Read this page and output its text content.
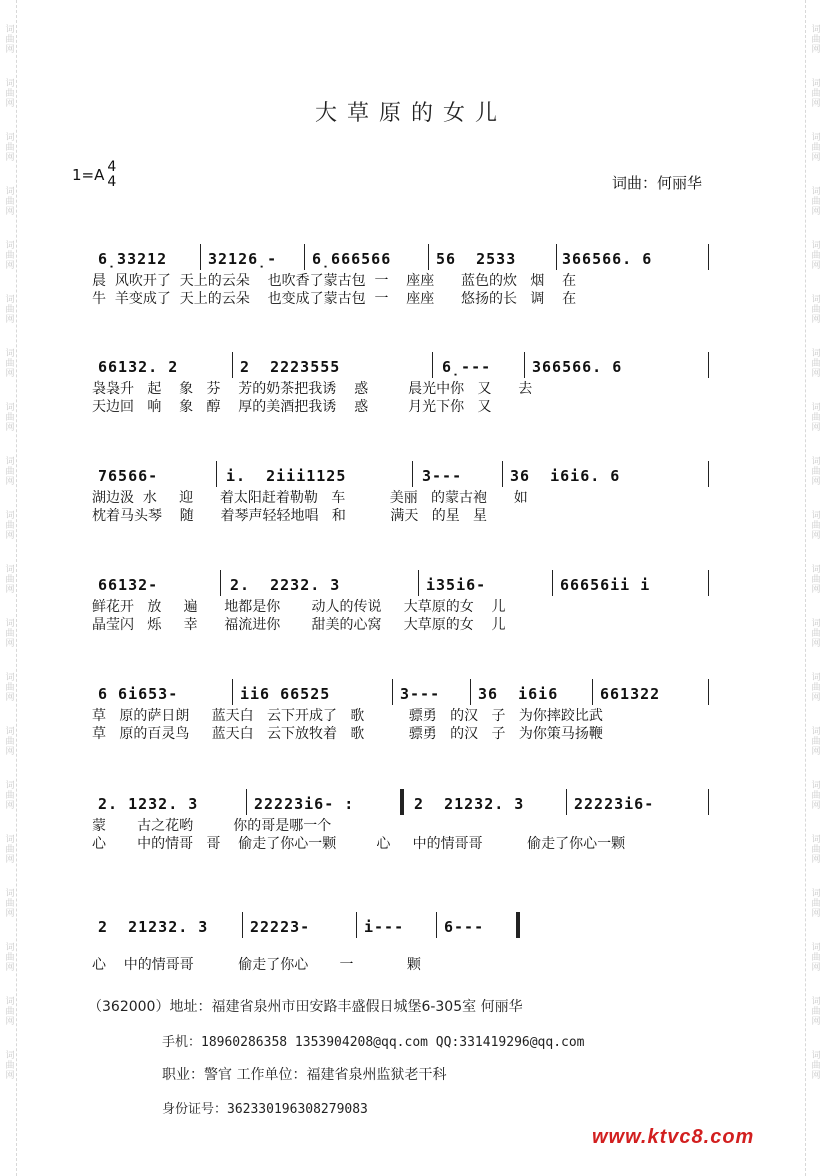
词曲网
词曲网
词曲网
词曲网
词曲网
词曲网
词曲网
词曲网
词曲网
词曲网
词曲网
词曲网
词曲网
词曲网
词曲网
词曲网
词曲网
词曲网
词曲网
词曲网
词曲网
词曲网
词曲网
词曲网
词曲网
词曲网
词曲网
词曲网
词曲网
词曲网
词曲网
词曲网
词曲网
词曲网
词曲网
词曲网
词曲网
词曲网
词曲网
词曲网
大草原的女儿
1=A 4
4	词曲：何丽华

6̣33212

	32126̣-

6̣666566

	56  2533

	366566. 6

晨  风吹开了  天上的云朵    也吹香了蒙古包  一    座座      蓝色的炊   烟    在
牛  羊变成了  天上的云朵    也变成了蒙古包  一    座座      悠扬的长   调    在

66132. 2

	2  2223555

	6̣---

	366566. 6

袅袅升   起    象   芬    芳的奶茶把我诱    惑         晨光中你   又      去
天边回   响    象   醇    厚的美酒把我诱    惑         月光下你   又

76566-

	i.  2iii1125

	3---

	36  i6i6. 6

湖边汲  水     迎      着太阳赶着勒勒   车          美丽   的蒙古袍      如
枕着马头琴    随      着琴声轻轻地唱   和          满天   的星   星

66132-

	2.  2232. 3

	i35i6-

	66656ii i

鲜花开   放     遍      地都是你       动人的传说     大草原的女    儿
晶莹闪   烁     幸      福流进你       甜美的心窝     大草原的女    儿

6 6i653-

	ii6 66525

	3---

	36  i6i6

	661322

草   原的萨日朗     蓝天白   云下开成了   歌          骠勇   的汉   子   为你摔跤比武
草   原的百灵鸟     蓝天白   云下放牧着   歌          骠勇   的汉   子   为你策马扬鞭

2. 1232. 3

	22223i6- :

	2  21232. 3

	22223i6-

蒙       古之花哟         你的哥是哪一个
心       中的情哥   哥    偷走了你心一颗         心     中的情哥哥          偷走了你心一颗

2  21232. 3

	22223-

	i---

	6---

心    中的情哥哥          偷走了你心       一            颗
（362000）地址：福建省泉州市田安路丰盛假日城堡6-305室 何丽华
手机：18960286358 1353904208@qq.com QQ:331419296@qq.com
职业：警官 工作单位：福建省泉州监狱老干科
身份证号：362330196308279083
www.ktvc8.com
